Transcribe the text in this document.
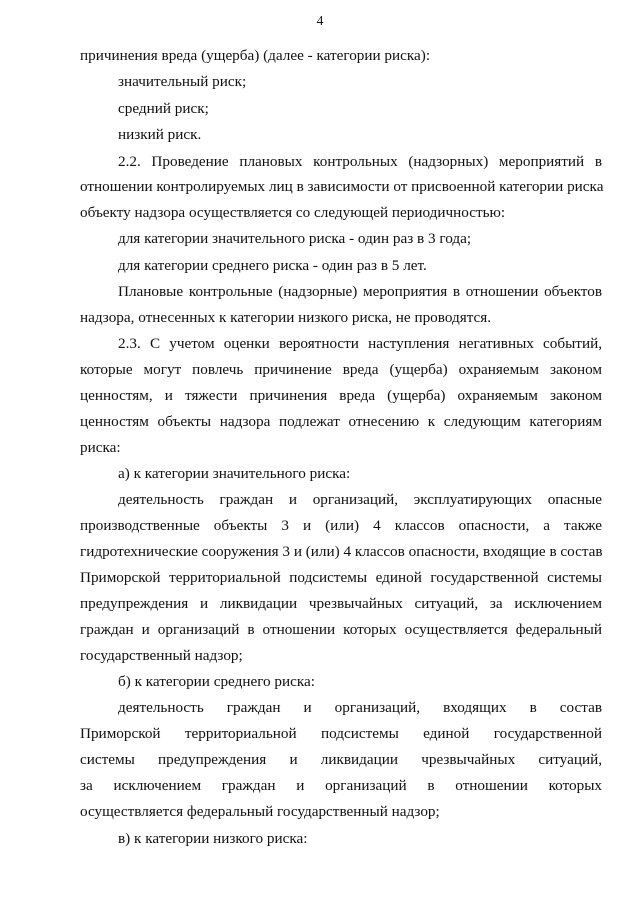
4
причинения вреда (ущерба) (далее - категории риска):
значительный риск;
средний риск;
низкий риск.
2.2. Проведение плановых контрольных (надзорных) мероприятий в
отношении контролируемых лиц в зависимости от присвоенной категории риска
объекту надзора осуществляется со следующей периодичностью:
для категории значительного риска - один раз в 3 года;
для категории среднего риска - один раз в 5 лет.
Плановые контрольные (надзорные) мероприятия в отношении объектов
надзора, отнесенных к категории низкого риска, не проводятся.
2.3. С учетом оценки вероятности наступления негативных событий,
которые могут повлечь причинение вреда (ущерба) охраняемым законом
ценностям, и тяжести причинения вреда (ущерба) охраняемым законом
ценностям объекты надзора подлежат отнесению к следующим категориям
риска:
а) к категории значительного риска:
деятельность граждан и организаций, эксплуатирующих опасные
производственные объекты 3 и (или) 4 классов опасности, а также
гидротехнические сооружения 3 и (или) 4 классов опасности, входящие в состав
Приморской территориальной подсистемы единой государственной системы
предупреждения и ликвидации чрезвычайных ситуаций, за исключением
граждан и организаций в отношении которых осуществляется федеральный
государственный надзор;
б) к категории среднего риска:
деятельность граждан и организаций, входящих в состав
Приморской территориальной подсистемы единой государственной
системы предупреждения и ликвидации чрезвычайных ситуаций,
за исключением граждан и организаций в отношении которых
осуществляется федеральный государственный надзор;
в) к категории низкого риска:
